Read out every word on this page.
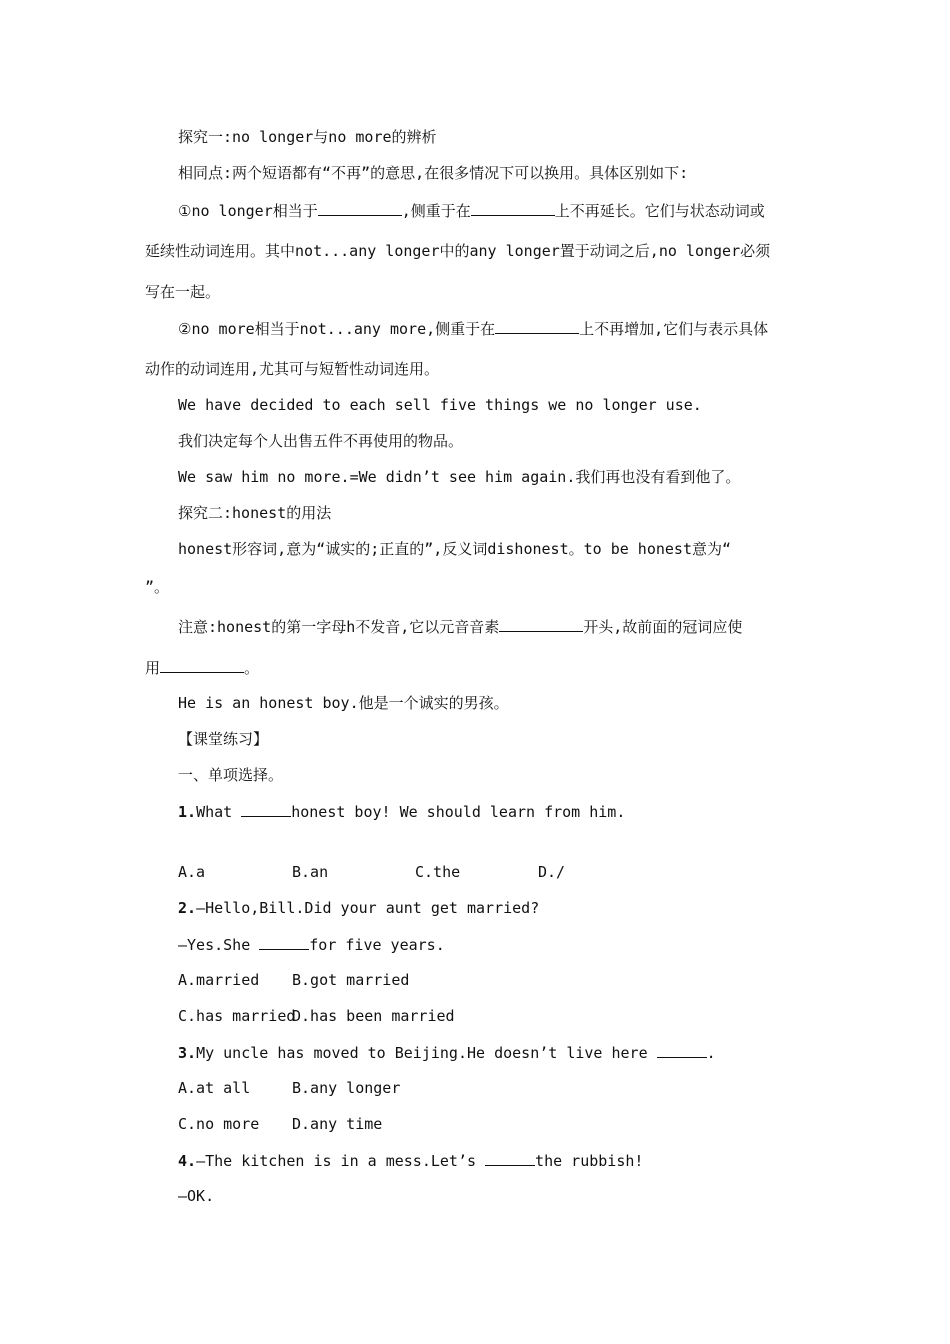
探究一:no longer与no more的辨析
相同点:两个短语都有“不再”的意思,在很多情况下可以换用。具体区别如下:
①no longer相当于	,侧重于在	上不再延长。它们与状态动词或
延续性动词连用。其中not...any longer中的any longer置于动词之后,no longer必须
写在一起。
②no more相当于not...any more,侧重于在	上不再增加,它们与表示具体
动作的动词连用,尤其可与短暂性动词连用。
We have decided to each sell five things we no longer use.
我们决定每个人出售五件不再使用的物品。
We saw him no more.=We didn’t see him again.我们再也没有看到他了。
探究二:honest的用法
honest形容词,意为“诚实的;正直的”,反义词dishonest。to be honest意为“
”。
注意:honest的第一字母h不发音,它以元音音素	开头,故前面的冠词应使
用	。
He is an honest boy.他是一个诚实的男孩。
【课堂练习】
一、单项选择。
1.What	honest boy! We should learn from him.
A.a	B.an	C.the	D./
2.—Hello,Bill.Did your aunt get married?
—Yes.She	for five years.
A.married B.got married
C.has married
D.has been married
3.My uncle has moved to Beijing.He doesn’t live here	.
A.at all	B.any longer
C.no more D.any time
4.—The kitchen is in a mess.Let’s	the rubbish!
—OK.
